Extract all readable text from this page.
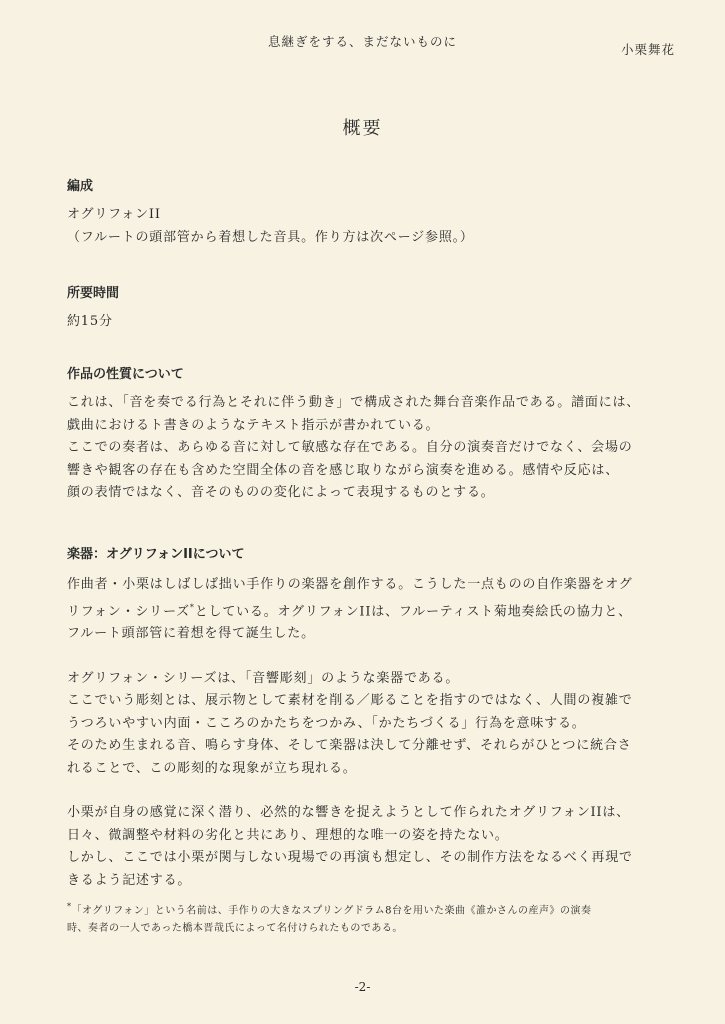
息継ぎをする、まだないものに
小栗舞花
概要

編成

オグリフォンII

（フルートの頭部管から着想した音具。作り方は次ページ参照。）

所要時間

約15分

作品の性質について

これは、「音を奏でる行為とそれに伴う動き」で構成された舞台音楽作品である。譜面には、

戯曲におけるト書きのようなテキスト指示が書かれている。

ここでの奏者は、あらゆる音に対して敏感な存在である。自分の演奏音だけでなく、会場の

響きや観客の存在も含めた空間全体の音を感じ取りながら演奏を進める。感情や反応は、

顔の表情ではなく、音そのものの変化によって表現するものとする。

楽器：オグリフォンIIについて

作曲者・小栗はしばしば拙い手作りの楽器を創作する。こうした一点ものの自作楽器をオグ

リフォン・シリーズ*としている。オグリフォンIIは、フルーティスト菊地奏絵氏の協力と、

フルート頭部管に着想を得て誕生した。

オグリフォン・シリーズは、「音響彫刻」のような楽器である。

ここでいう彫刻とは、展示物として素材を削る／彫ることを指すのではなく、人間の複雑で

うつろいやすい内面・こころのかたちをつかみ、「かたちづくる」行為を意味する。

そのため生まれる音、鳴らす身体、そして楽器は決して分離せず、それらがひとつに統合さ

れることで、この彫刻的な現象が立ち現れる。

小栗が自身の感覚に深く潜り、必然的な響きを捉えようとして作られたオグリフォンIIは、

日々、微調整や材料の劣化と共にあり、理想的な唯一の姿を持たない。

しかし、ここでは小栗が関与しない現場での再演も想定し、その制作方法をなるべく再現で

きるよう記述する。

*「オグリフォン」という名前は、手作りの大きなスプリングドラム8台を用いた楽曲《誰かさんの産声》の演奏

時、奏者の一人であった橋本晋哉氏によって名付けられたものである。

-2-
